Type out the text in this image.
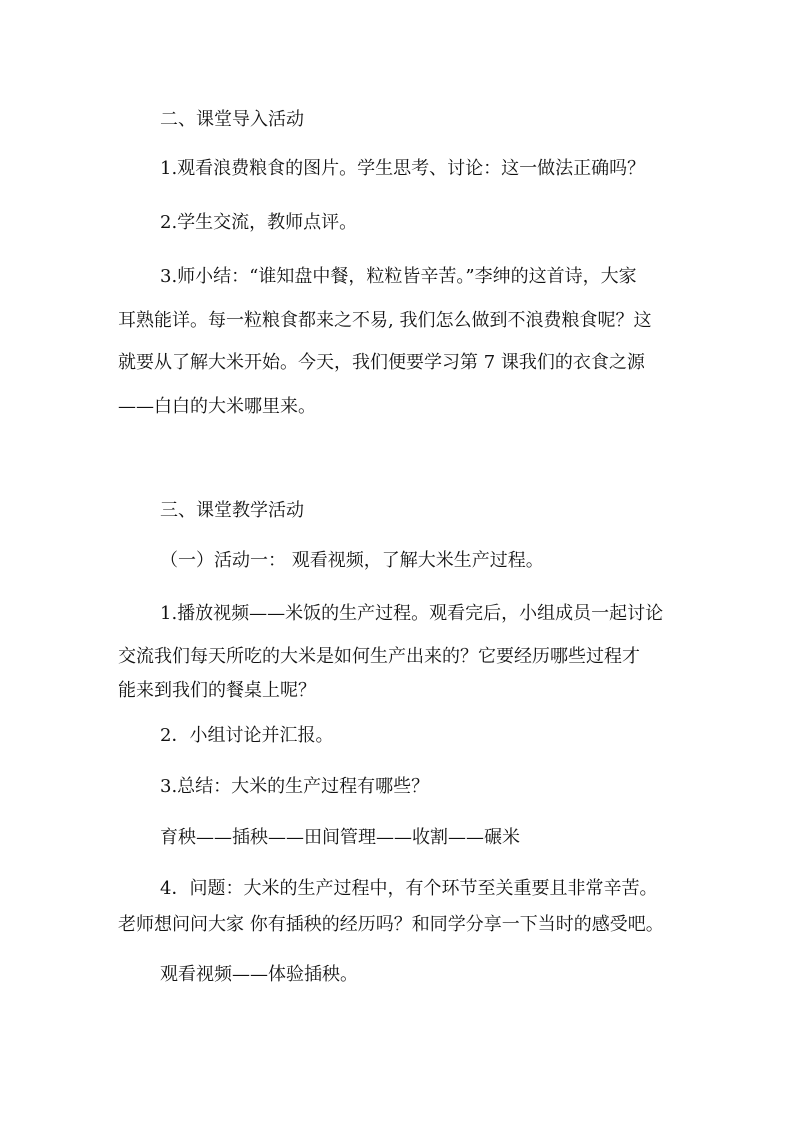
二、课堂导入活动

1.观看浪费粮食的图片。学生思考、讨论：这一做法正确吗？

2.学生交流，教师点评。

3.师小结：“谁知盘中餐，粒粒皆辛苦。”李绅的这首诗，大家

耳熟能详。每一粒粮食都来之不易, 我们怎么做到不浪费粮食呢？这

就要从了解大米开始。今天，我们便要学习第 7 课我们的衣食之源

——白白的大米哪里来。

三、课堂教学活动

（一）活动一： 观看视频，了解大米生产过程。

1.播放视频——米饭的生产过程。观看完后，小组成员一起讨论

交流我们每天所吃的大米是如何生产出来的？它要经历哪些过程才

能来到我们的餐桌上呢？

2．小组讨论并汇报。

3.总结：大米的生产过程有哪些？

育秧——插秧——田间管理——收割——碾米

4．问题：大米的生产过程中，有个环节至关重要且非常辛苦。

老师想问问大家 你有插秧的经历吗？和同学分享一下当时的感受吧。

观看视频——体验插秧。
